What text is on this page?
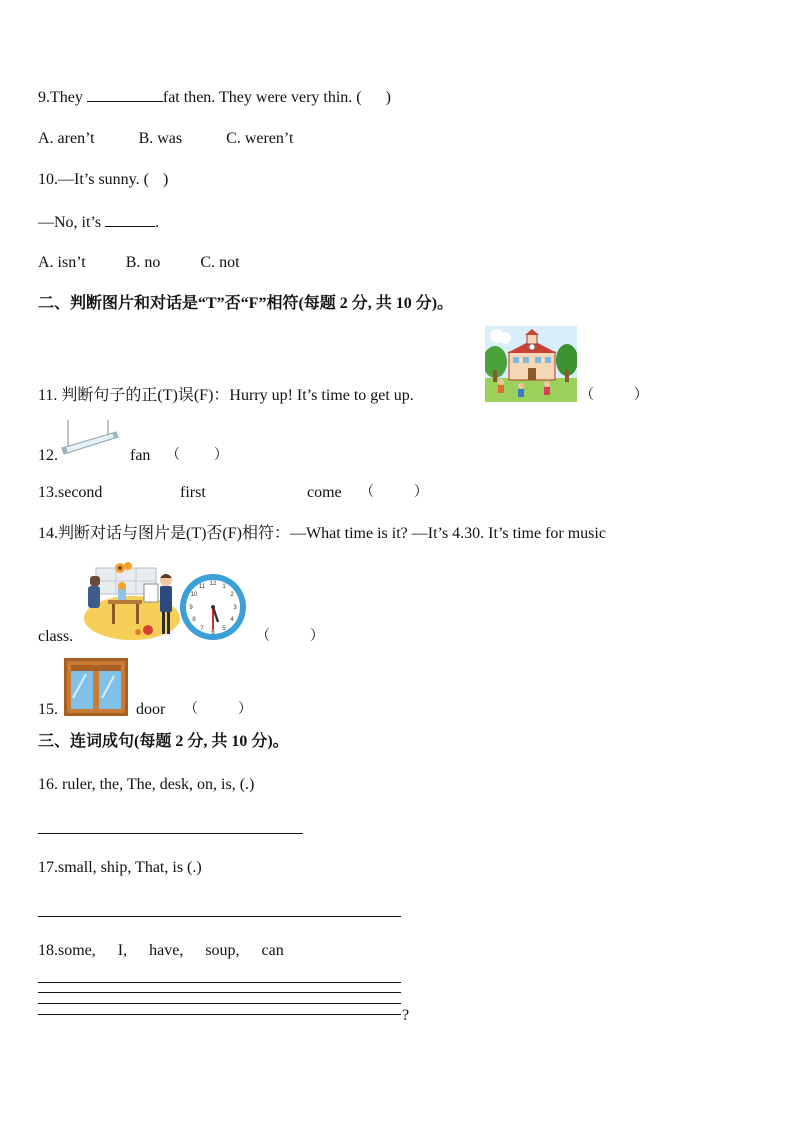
9.They	fat then. They were very thin. ( )
A. aren’t	B. was	C. weren’t
10.—It’s sunny. ( )
—No, it’s	.
A. isn’t	B. no	C. not
二、判断图片和对话是“T”否“F”相符(每题 2 分, 共 10 分)。
11. 判断句子的正(T)误(F)：Hurry up! It’s time to get up.	（	）
12.	fan （ ）
13.second	first	come （	）
14.判断对话与图片是(T)否(F)相符：—What time is it? —It’s 4.30. It’s time for music
12 1
2
3
4
5
6
7
8
9
10
11
class.	（	）
15.	door （	）
三、连词成句(每题 2 分, 共 10 分)。
16. ruler, the, The, desk, on, is, (.)
17.small, ship, That, is (.)
18.some, I, have, soup, can
?
